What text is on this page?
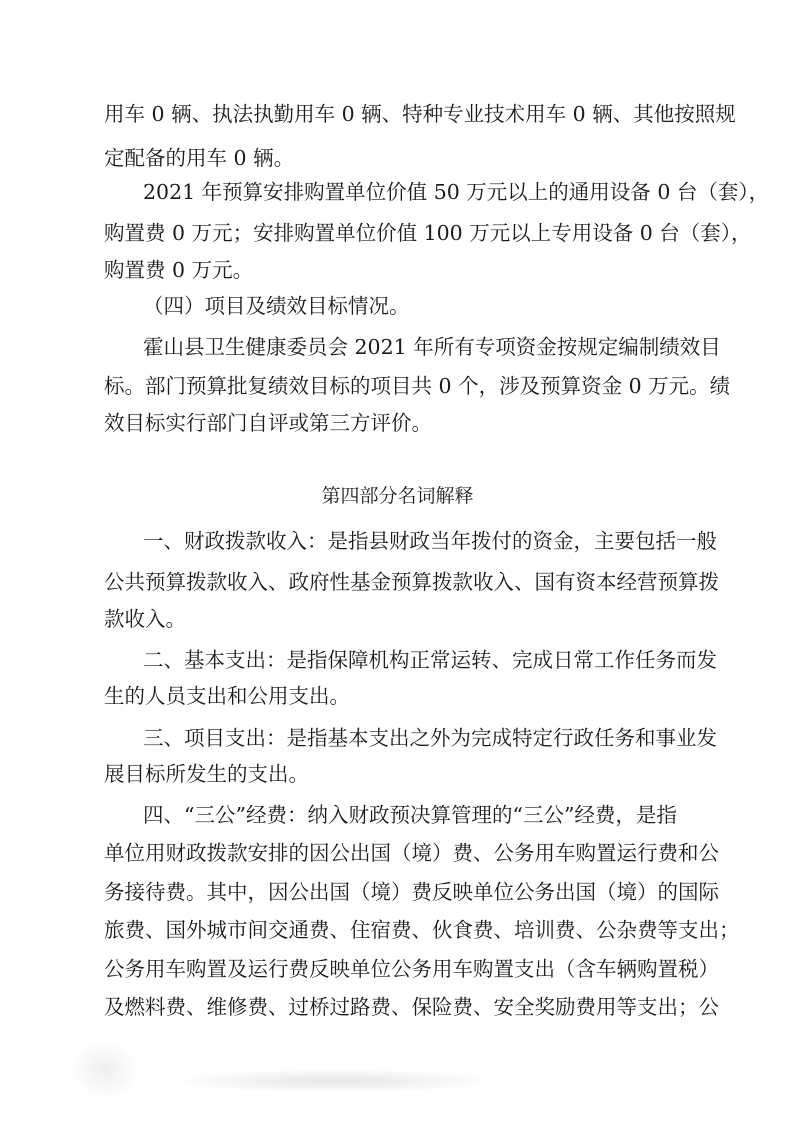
用车 0 辆、执法执勤用车 0 辆、特种专业技术用车 0 辆、其他按照规
定配备的用车 0 辆。
2021 年预算安排购置单位价值 50 万元以上的通用设备 0 台（套），
购置费 0 万元；安排购置单位价值 100 万元以上专用设备 0 台（套），
购置费 0 万元。
（四）项目及绩效目标情况。
霍山县卫生健康委员会 2021 年所有专项资金按规定编制绩效目
标。部门预算批复绩效目标的项目共 0 个，涉及预算资金 0 万元。绩
效目标实行部门自评或第三方评价。
第四部分名词解释
一、财政拨款收入：是指县财政当年拨付的资金，主要包括一般
公共预算拨款收入、政府性基金预算拨款收入、国有资本经营预算拨
款收入。
二、基本支出：是指保障机构正常运转、完成日常工作任务而发
生的人员支出和公用支出。
三、项目支出：是指基本支出之外为完成特定行政任务和事业发
展目标所发生的支出。
四、“三公”经费：纳入财政预决算管理的“三公”经费，是指
单位用财政拨款安排的因公出国（境）费、公务用车购置运行费和公
务接待费。其中，因公出国（境）费反映单位公务出国（境）的国际
旅费、国外城市间交通费、住宿费、伙食费、培训费、公杂费等支出；
公务用车购置及运行费反映单位公务用车购置支出（含车辆购置税）
及燃料费、维修费、过桥过路费、保险费、安全奖励费用等支出；公
